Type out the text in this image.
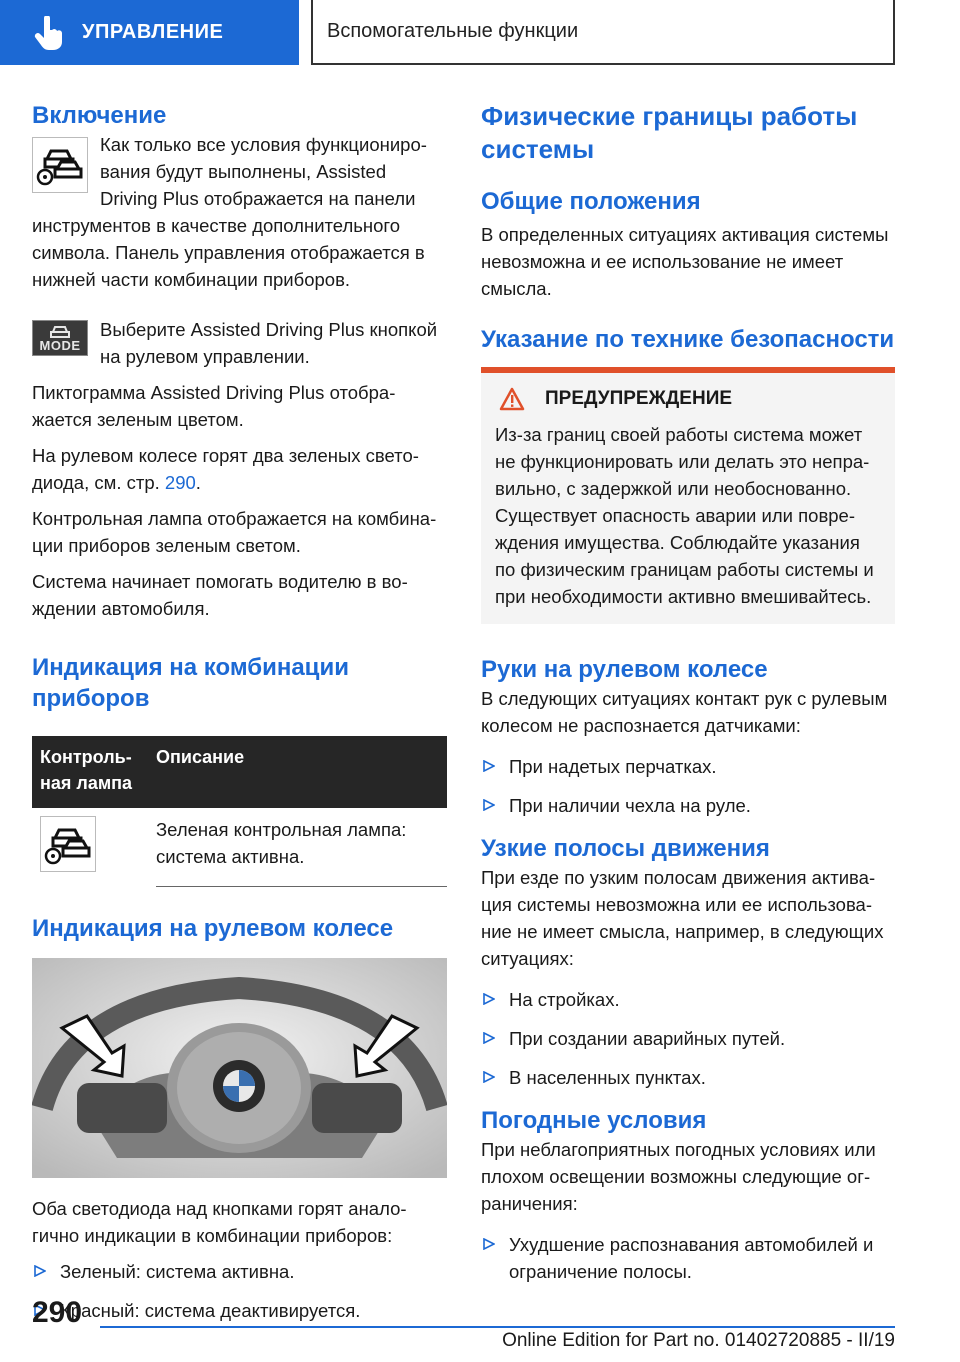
УПРАВЛЕНИЕ	Вспомогательные функции
Включение

Как только все условия функционирования будут выполнены, Assisted Driving Plus отображается на панели инструментов в качестве дополнительного символа. Панель управления отображается в нижней части комбинации приборов.

MODE

Выберите Assisted Driving Plus кнопкой на рулевом управлении.

Пиктограмма Assisted Driving Plus отображается зеленым цветом.

На рулевом колесе горят два зеленых светодиода, см. стр. 290.

Контрольная лампа отображается на комбинации приборов зеленым светом.

Система начинает помогать водителю в вождении автомобиля.

Индикация на комбинации приборов
Контрольная лампа	Описание

	Зеленая контрольная лампа: система активна.
Индикация на рулевом колесе

Оба светодиода над кнопками горят аналогично индикации в комбинации приборов:

Зеленый: система активна.
Красный: система деактивируется.
Физические границы работы системы
Общие положения

В определенных ситуациях активация системы невозможна и ее использование не имеет смысла.

Указание по технике безопасности
ПРЕДУПРЕЖДЕНИЕ

Из-за границ своей работы система может не функционировать или делать это неправильно, с задержкой или необоснованно. Существует опасность аварии или повреждения имущества. Соблюдайте указания по физическим границам работы системы и при необходимости активно вмешивайтесь.

Руки на рулевом колесе

В следующих ситуациях контакт рук с рулевым колесом не распознается датчиками:

При надетых перчатках.
При наличии чехла на руле.
Узкие полосы движения

При езде по узким полосам движения активация системы невозможна или ее использование не имеет смысла, например, в следующих ситуациях:

На стройках.
При создании аварийных путей.
В населенных пунктах.
Погодные условия

При неблагоприятных погодных условиях или плохом освещении возможны следующие ограничения:

Ухудшение распознавания автомобилей и ограничение полосы.
290
Online Edition for Part no. 01402720885 - II/19
